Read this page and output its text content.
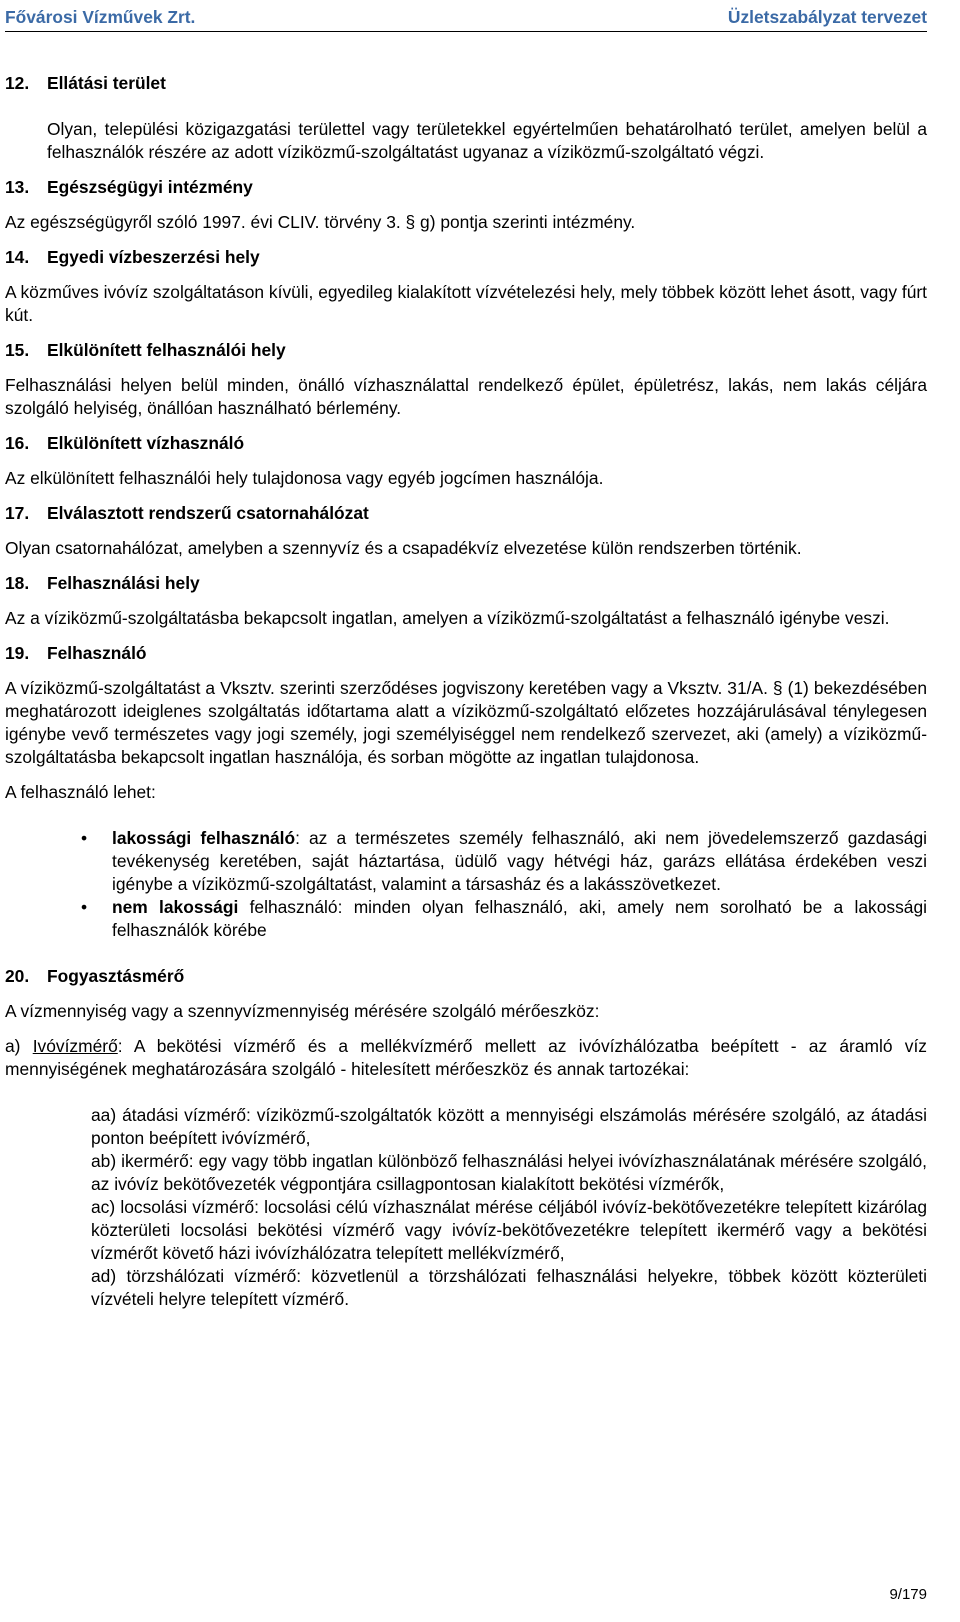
Fővárosi Vízművek Zrt.	Üzletszabályzat tervezet
12.	Ellátási terület

Olyan, települési közigazgatási területtel vagy területekkel egyértelműen behatárolható terület, amelyen belül a felhasználók részére az adott víziközmű-szolgáltatást ugyanaz a víziközmű-szolgáltató végzi.

13.	Egészségügyi intézmény

Az egészségügyről szóló 1997. évi CLIV. törvény 3. § g) pontja szerinti intézmény.

14.	Egyedi vízbeszerzési hely

A közműves ivóvíz szolgáltatáson kívüli, egyedileg kialakított vízvételezési hely, mely többek között lehet ásott, vagy fúrt kút.

15.	Elkülönített felhasználói hely

Felhasználási helyen belül minden, önálló vízhasználattal rendelkező épület, épületrész, lakás, nem lakás céljára szolgáló helyiség, önállóan használható bérlemény.

16.	Elkülönített vízhasználó

Az elkülönített felhasználói hely tulajdonosa vagy egyéb jogcímen használója.

17.	Elválasztott rendszerű csatornahálózat

Olyan csatornahálózat, amelyben a szennyvíz és a csapadékvíz elvezetése külön rendszerben történik.

18.	Felhasználási hely

Az a víziközmű-szolgáltatásba bekapcsolt ingatlan, amelyen a víziközmű-szolgáltatást a felhasználó igénybe veszi.

19.	Felhasználó

A víziközmű-szolgáltatást a Vksztv. szerinti szerződéses jogviszony keretében vagy a Vksztv. 31/A. § (1) bekezdésében meghatározott ideiglenes szolgáltatás időtartama alatt a víziközmű-szolgáltató előzetes hozzájárulásával ténylegesen igénybe vevő természetes vagy jogi személy, jogi személyiséggel nem rendelkező szervezet, aki (amely) a víziközmű-szolgáltatásba bekapcsolt ingatlan használója, és sorban mögötte az ingatlan tulajdonosa.

A felhasználó lehet:

• lakossági felhasználó: az a természetes személy felhasználó, aki nem jövedelemszerző gazdasági tevékenység keretében, saját háztartása, üdülő vagy hétvégi ház, garázs ellátása érdekében veszi igénybe a víziközmű-szolgáltatást, valamint a társasház és a lakásszövetkezet.
• nem lakossági felhasználó: minden olyan felhasználó, aki, amely nem sorolható be a lakossági felhasználók körébe
20.	Fogyasztásmérő

A vízmennyiség vagy a szennyvízmennyiség mérésére szolgáló mérőeszköz:

a) Ivóvízmérő: A bekötési vízmérő és a mellékvízmérő mellett az ivóvízhálózatba beépített - az áramló víz mennyiségének meghatározására szolgáló - hitelesített mérőeszköz és annak tartozékai:

aa) átadási vízmérő: víziközmű-szolgáltatók között a mennyiségi elszámolás mérésére szolgáló, az átadási ponton beépített ivóvízmérő,

ab) ikermérő: egy vagy több ingatlan különböző felhasználási helyei ivóvízhasználatának mérésére szolgáló, az ivóvíz bekötővezeték végpontjára csillagpontosan kialakított bekötési vízmérők,

ac) locsolási vízmérő: locsolási célú vízhasználat mérése céljából ivóvíz-bekötővezetékre telepített kizárólag közterületi locsolási bekötési vízmérő vagy ivóvíz-bekötővezetékre telepített ikermérő vagy a bekötési vízmérőt követő házi ivóvízhálózatra telepített mellékvízmérő,

ad) törzshálózati vízmérő: közvetlenül a törzshálózati felhasználási helyekre, többek között közterületi vízvételi helyre telepített vízmérő.

9/179
